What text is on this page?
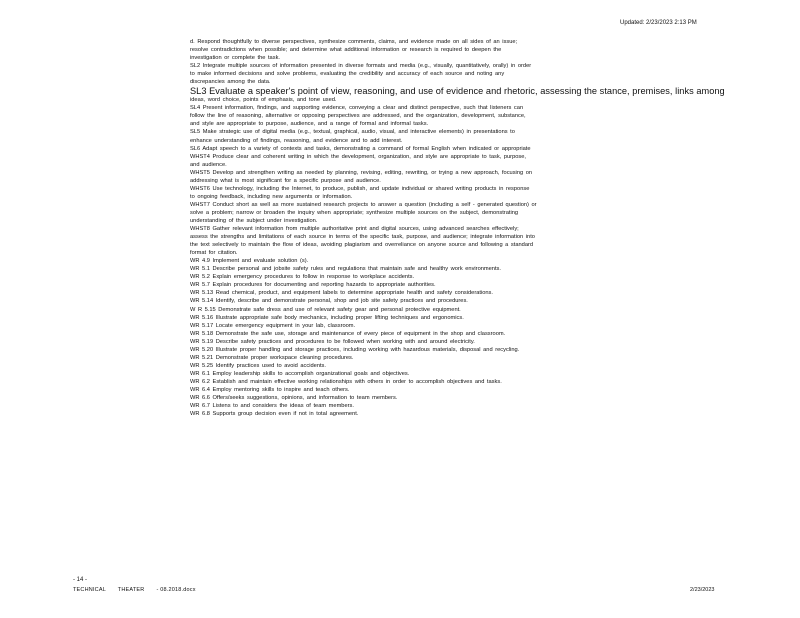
Updated: 2/23/2023 2:13 PM

d. Respond thoughtfully to diverse perspectives, synthesize comments, claims, and evidence made on all sides of an issue;

resolve contradictions when possible; and determine what additional information or research is required to deepen the

investigation or complete the task.

SL2 Integrate multiple sources of information presented in diverse formats and media (e.g., visually, quantitatively, orally) in order

to make informed decisions and solve problems, evaluating the credibility and accuracy of each source and noting any

discrepancies among the data.

SL3 Evaluate a speaker's point of view, reasoning, and use of evidence and rhetoric, assessing the stance, premises, links among

ideas, word choice, points of emphasis, and tone used.

SL4 Present information, findings, and supporting evidence, conveying a clear and distinct perspective, such that listeners can

follow the line of reasoning, alternative or opposing perspectives are addressed, and the organization, development, substance,

and style are appropriate to purpose, audience, and a range of formal and informal tasks.

SL5 Make strategic use of digital media (e.g., textual, graphical, audio, visual, and interactive elements) in presentations to

enhance understanding of findings, reasoning, and evidence and to add interest.

SL6 Adapt speech to a variety of contexts and tasks, demonstrating a command of formal English when indicated or appropriate

WHST4 Produce clear and coherent writing in which the development, organization, and style are appropriate to task, purpose,

and audience.

WHST5 Develop and strengthen writing as needed by planning, revising, editing, rewriting, or trying a new approach, focusing on

addressing what is most significant for a specific purpose and audience.

WHST6 Use technology, including the Internet, to produce, publish, and update individual or shared writing products in response

to ongoing feedback, including new arguments or information.

WHST7 Conduct short as well as more sustained research projects to answer a question (including a self - generated question) or

solve a problem; narrow or broaden the inquiry when appropriate; synthesize multiple sources on the subject, demonstrating

understanding of the subject under investigation.

WHST8 Gather relevant information from multiple authoritative print and digital sources, using advanced searches effectively;

assess the strengths and limitations of each source in terms of the specific task, purpose, and audience; integrate information into

the text selectively to maintain the flow of ideas, avoiding plagiarism and overreliance on anyone source and following a standard

format for citation.

WR 4.9 Implement and evaluate solution (s).

WR 5.1 Describe personal and jobsite safety rules and regulations that maintain safe and healthy work environments.

WR 5.2 Explain emergency procedures to follow in response to workplace accidents.

WR 5.7 Explain procedures for documenting and reporting hazards to appropriate authorities.

WR 5.13 Read chemical, product, and equipment labels to determine appropriate health and safety considerations.

WR 5.14 Identify, describe and demonstrate personal, shop and job site safety practices and procedures.

W R 5.15 Demonstrate safe dress and use of relevant safety gear and personal protective equipment.

WR 5.16 Illustrate appropriate safe body mechanics, including proper lifting techniques and ergonomics.

WR 5.17 Locate emergency equipment in your lab, classroom.

WR 5.18 Demonstrate the safe use, storage and maintenance of every piece of equipment in the shop and classroom.

WR 5.19 Describe safety practices and procedures to be followed when working with and around electricity.

WR 5.20 Illustrate proper handling and storage practices, including working with hazardous materials, disposal and recycling.

WR 5.21 Demonstrate proper workspace cleaning procedures.

WR 5.25 Identify practices used to avoid accidents.

WR 6.1 Employ leadership skills to accomplish organizational goals and objectives.

WR 6.2 Establish and maintain effective working relationships with others in order to accomplish objectives and tasks.

WR 6.4 Employ mentoring skills to inspire and teach others.

WR 6.6 Offers/seeks suggestions, opinions, and information to team members.

WR 6.7 Listens to and considers the ideas of team members.

WR 6.8 Supports group decision even if not in total agreement.

- 14 -
TECHNICAL       THEATER       - 08.2018.docx	2/23/2023
